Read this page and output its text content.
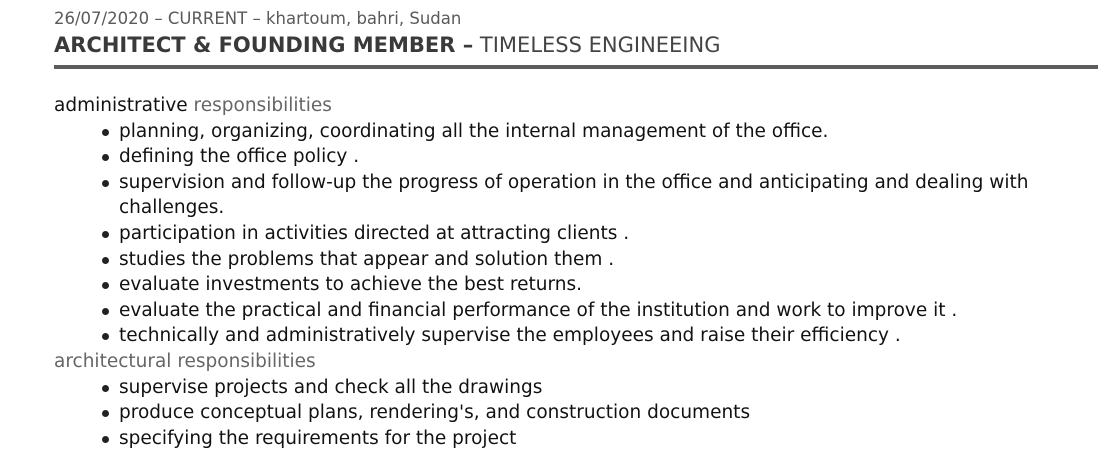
26/07/2020 – CURRENT – khartoum, bahri, Sudan
ARCHITECT & FOUNDING MEMBER – TIMELESS ENGINEEING
administrative responsibilities
planning, organizing, coordinating all the internal management of the office.
defining the office policy .
supervision and follow-up the progress of operation in the office and anticipating and dealing with challenges.
participation in activities directed at attracting clients .
studies the problems that appear and solution them .
evaluate investments to achieve the best returns.
evaluate the practical and financial performance of the institution and work to improve it .
technically and administratively supervise the employees and raise their efficiency .
architectural responsibilities
supervise projects and check all the drawings
produce conceptual plans, rendering's, and construction documents
specifying the requirements for the project
